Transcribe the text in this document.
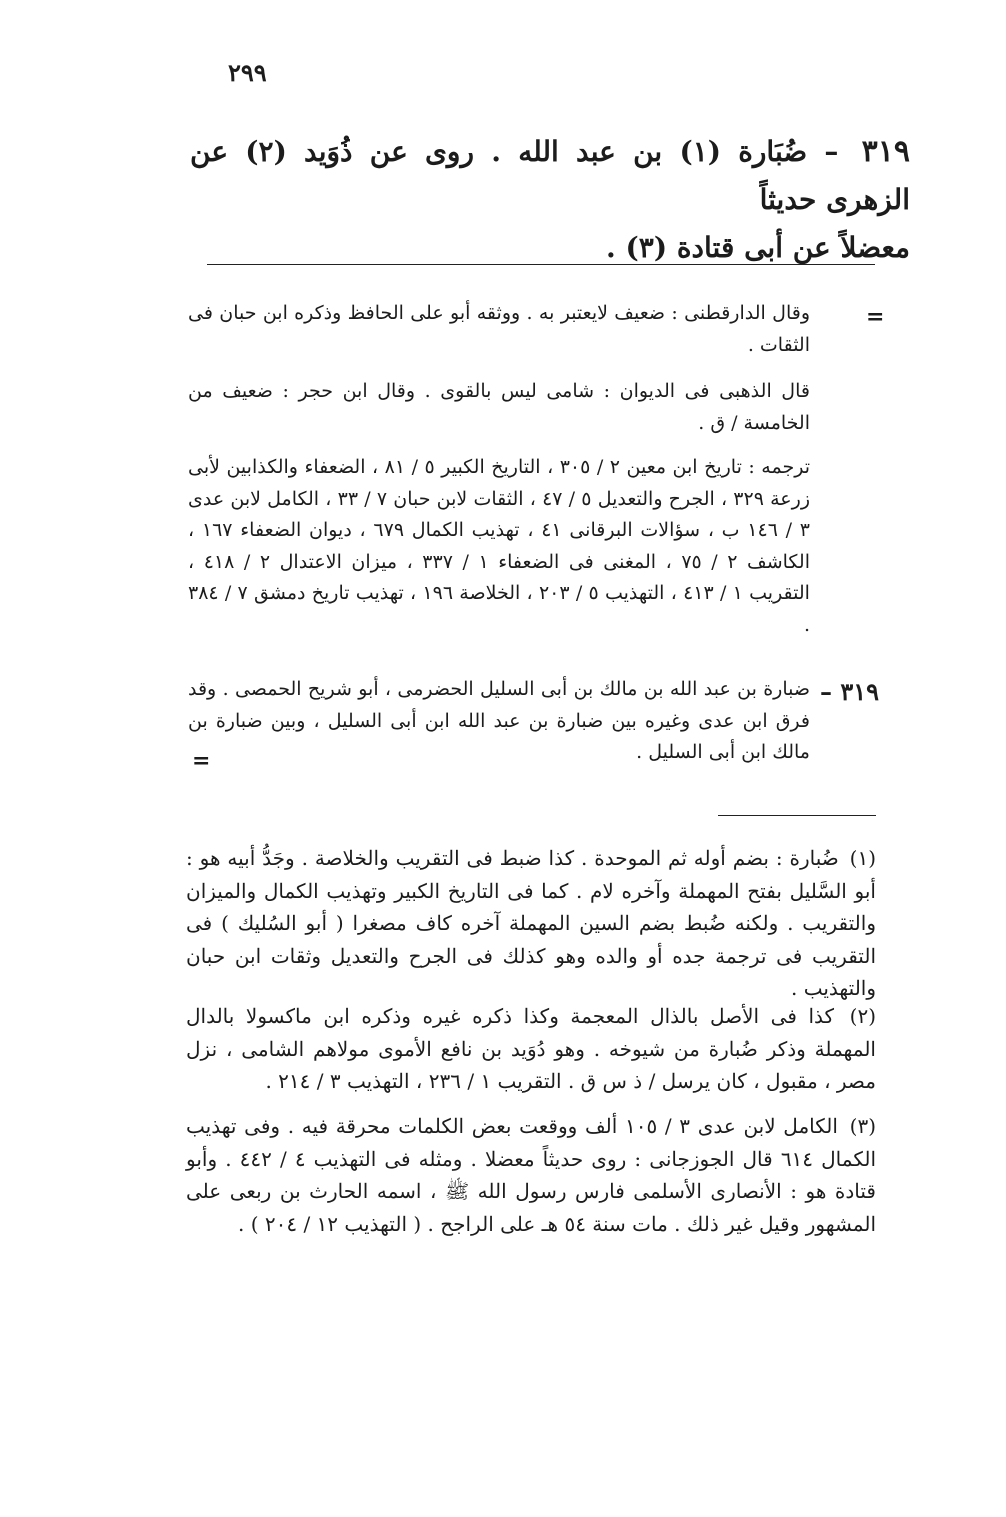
٢٩٩
٣١٩ – ضُبَارة (١) بن عبد الله . روى عن ذُوَيد (٢) عن الزهرى حديثاً
معضلاً عن أبى قتادة (٣) .
=
وقال الدارقطنى : ضعيف لايعتبر به . ووثقه أبو على الحافظ وذكره ابن حبان فى الثقات .
قال الذهبى فى الديوان : شامى ليس بالقوى . وقال ابن حجر : ضعيف من الخامسة / ق .
ترجمه : تاريخ ابن معين ٢ / ٣٠٥ ، التاريخ الكبير ٥ / ٨١ ، الضعفاء والكذابين لأبى زرعة ٣٢٩ ، الجرح والتعديل ٥ / ٤٧ ، الثقات لابن حبان ٧ / ٣٣ ، الكامل لابن عدى ٣ / ١٤٦ ب ، سؤالات البرقانى ٤١ ، تهذيب الكمال ٦٧٩ ، ديوان الضعفاء ١٦٧ ، الكاشف ٢ / ٧٥ ، المغنى فى الضعفاء ١ / ٣٣٧ ، ميزان الاعتدال ٢ / ٤١٨ ، التقريب ١ / ٤١٣ ، التهذيب ٥ / ٢٠٣ ، الخلاصة ١٩٦ ، تهذيب تاريخ دمشق ٧ / ٣٨٤ .
٣١٩ –
ضبارة بن عبد الله بن مالك بن أبى السليل الحضرمى ، أبو شريح الحمصى . وقد فرق ابن عدى وغيره بين ضبارة بن عبد الله ابن أبى السليل ، وبين ضبارة بن مالك ابن أبى السليل .
=
(١) ضُبارة : بضم أوله ثم الموحدة . كذا ضبط فى التقريب والخلاصة . وجَدُّ أبيه هو : أبو السَّليل بفتح المهملة وآخره لام . كما فى التاريخ الكبير وتهذيب الكمال والميزان والتقريب . ولكنه ضُبط بضم السين المهملة آخره كاف مصغرا ( أبو السُليك ) فى التقريب فى ترجمة جده أو والده وهو كذلك فى الجرح والتعديل وثقات ابن حبان والتهذيب .
(٢) كذا فى الأصل بالذال المعجمة وكذا ذكره غيره وذكره ابن ماكسولا بالدال المهملة وذكر ضُبارة من شيوخه . وهو دُوَيد بن نافع الأموى مولاهم الشامى ، نزل مصر ، مقبول ، كان يرسل / ذ س ق . التقريب ١ / ٢٣٦ ، التهذيب ٣ / ٢١٤ .
(٣) الكامل لابن عدى ٣ / ١٠٥ ألف ووقعت بعض الكلمات محرقة فيه . وفى تهذيب الكمال ٦١٤ قال الجوزجانى : روى حديثاً معضلا . ومثله فى التهذيب ٤ / ٤٤٢ . وأبو قتادة هو : الأنصارى الأسلمى فارس رسول الله ﷺ ، اسمه الحارث بن ربعى على المشهور وقيل غير ذلك . مات سنة ٥٤ هـ على الراجح . ( التهذيب ١٢ / ٢٠٤ ) .
